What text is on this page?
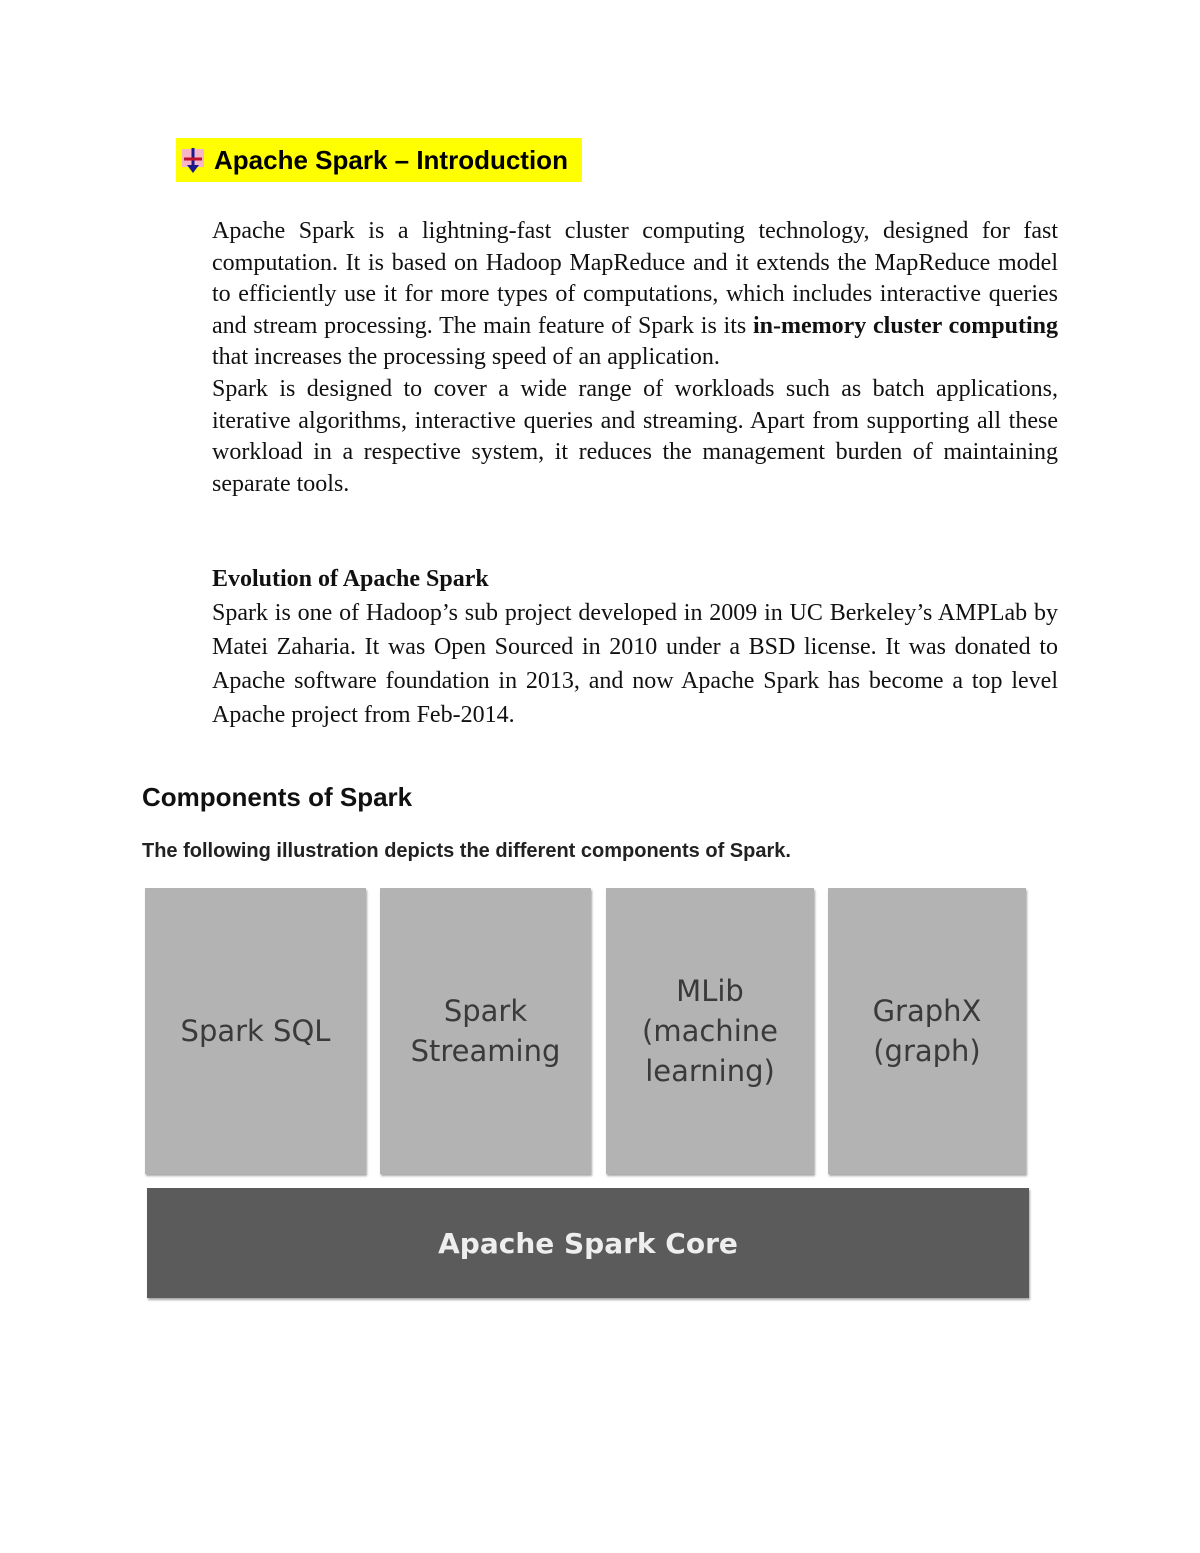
Apache Spark – Introduction

Apache Spark is a lightning-fast cluster computing technology, designed for fast computation. It is based on Hadoop MapReduce and it extends the MapReduce model to efficiently use it for more types of computations, which includes interactive queries and stream processing. The main feature of Spark is its in-memory cluster computing that increases the processing speed of an application.

Spark is designed to cover a wide range of workloads such as batch applications, iterative algorithms, interactive queries and streaming. Apart from supporting all these workload in a respective system, it reduces the management burden of maintaining separate tools.

Evolution of Apache Spark

Spark is one of Hadoop’s sub project developed in 2009 in UC Berkeley’s AMPLab by Matei Zaharia. It was Open Sourced in 2010 under a BSD license. It was donated to Apache software foundation in 2013, and now Apache Spark has become a top level Apache project from Feb-2014.

Components of Spark
The following illustration depicts the different components of Spark.
Spark SQL
Spark
Streaming
MLib
(machine
learning)
GraphX
(graph)
Apache Spark Core
